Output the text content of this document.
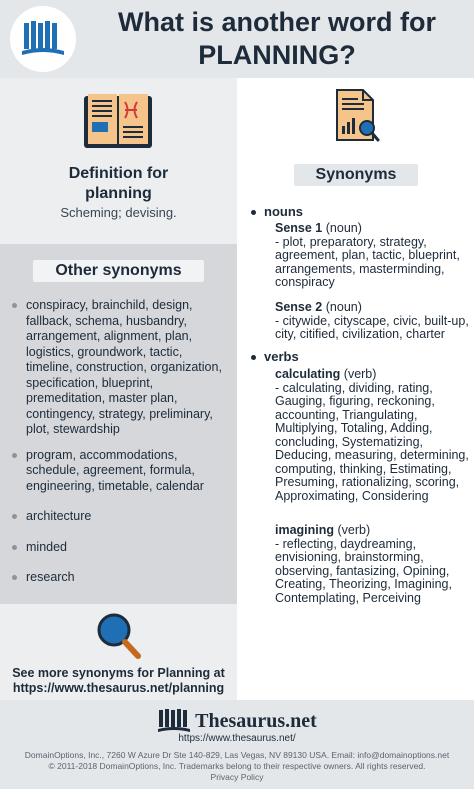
What is another word for
PLANNING?
Definition for
planning
Scheming; devising.
Other synonyms
conspiracy, brainchild, design, fallback, schema, husbandry, arrangement, alignment, plan, logistics, groundwork, tactic, timeline, construction, organization, specification, blueprint, premeditation, master plan, contingency, strategy, preliminary, plot, stewardship
program, accommodations, schedule, agreement, formula, engineering, timetable, calendar
architecture
minded
research
See more synonyms for Planning at
https://www.thesaurus.net/planning
Synonyms
nouns
Sense 1 (noun)
- plot, preparatory, strategy, agreement, plan, tactic, blueprint, arrangements, masterminding, conspiracy
Sense 2 (noun)
- citywide, cityscape, civic, built-up, city, citified, civilization, charter
verbs
calculating (verb)
- calculating, dividing, rating, Gauging, figuring, reckoning, accounting, Triangulating, Multiplying, Totaling, Adding, concluding, Systematizing, Deducing, measuring, determining, computing, thinking, Estimating, Presuming, rationalizing, scoring, Approximating, Considering
imagining (verb)
- reflecting, daydreaming, envisioning, brainstorming, observing, fantasizing, Opining, Creating, Theorizing, Imagining, Contemplating, Perceiving
Thesaurus.net
https://www.thesaurus.net/
DomainOptions, Inc., 7260 W Azure Dr Ste 140-829, Las Vegas, NV 89130 USA. Email: info@domainoptions.net
© 2011-2018 DomainOptions, Inc. Trademarks belong to their respective owners. All rights reserved.
Privacy Policy
